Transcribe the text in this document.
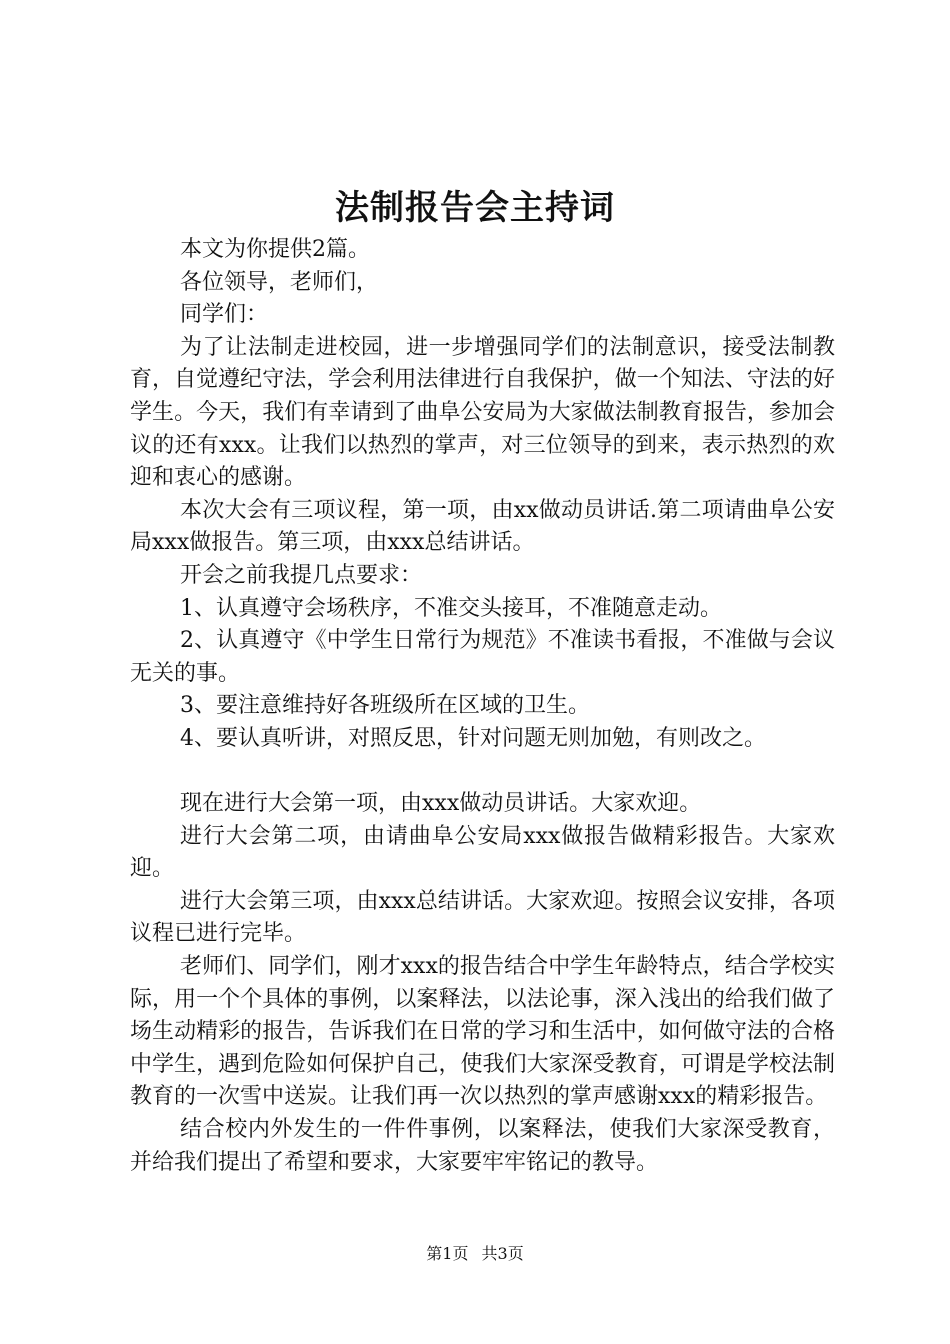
法制报告会主持词

本文为你提供2篇。

各位领导，老师们，

同学们：

为了让法制走进校园，进一步增强同学们的法制意识，接受法制教育，自觉遵纪守法，学会利用法律进行自我保护，做一个知法、守法的好学生。今天，我们有幸请到了曲阜公安局为大家做法制教育报告，参加会议的还有xxx。让我们以热烈的掌声，对三位领导的到来，表示热烈的欢迎和衷心的感谢。

本次大会有三项议程，第一项，由xx做动员讲话.第二项请曲阜公安局xxx做报告。第三项，由xxx总结讲话。

开会之前我提几点要求：

1、认真遵守会场秩序，不准交头接耳，不准随意走动。

2、认真遵守《中学生日常行为规范》不准读书看报，不准做与会议无关的事。

3、要注意维持好各班级所在区域的卫生。

4、要认真听讲，对照反思，针对问题无则加勉，有则改之。

现在进行大会第一项，由xxx做动员讲话。大家欢迎。

进行大会第二项，由请曲阜公安局xxx做报告做精彩报告。大家欢迎。

进行大会第三项，由xxx总结讲话。大家欢迎。按照会议安排，各项议程已进行完毕。

老师们、同学们，刚才xxx的报告结合中学生年龄特点，结合学校实际，用一个个具体的事例，以案释法，以法论事，深入浅出的给我们做了场生动精彩的报告，告诉我们在日常的学习和生活中，如何做守法的合格中学生，遇到危险如何保护自己，使我们大家深受教育，可谓是学校法制教育的一次雪中送炭。让我们再一次以热烈的掌声感谢xxx的精彩报告。

结合校内外发生的一件件事例，以案释法，使我们大家深受教育，并给我们提出了希望和要求，大家要牢牢铭记的教导。

第1页 共3页
